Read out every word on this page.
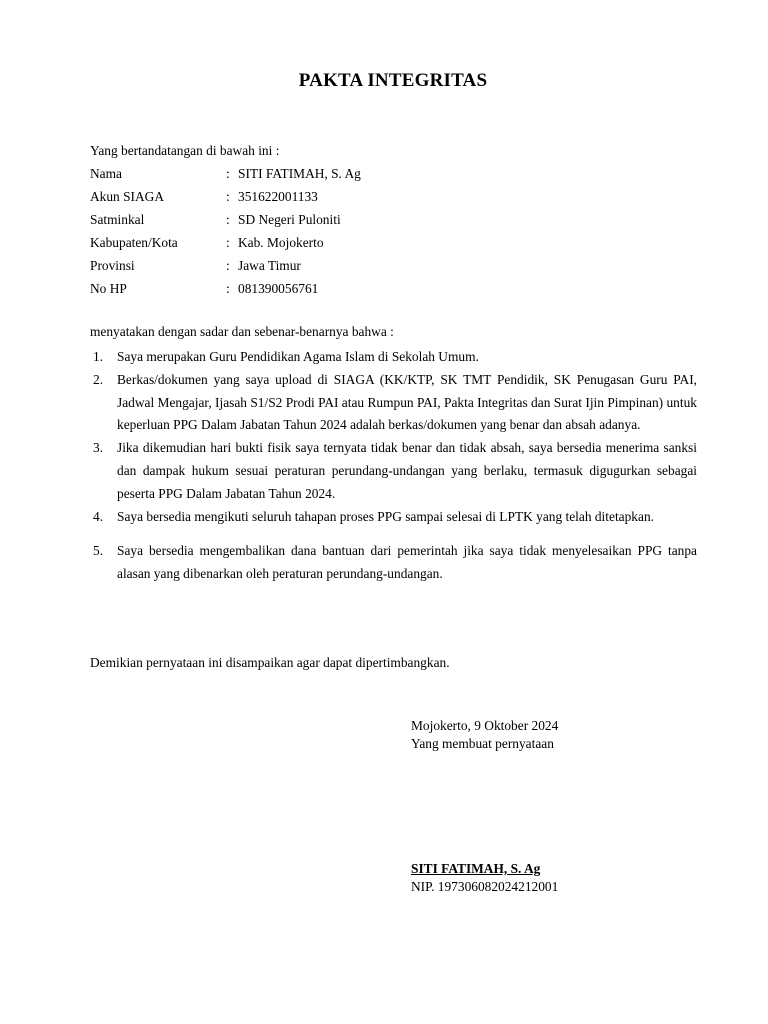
PAKTA INTEGRITAS
Yang bertandatangan di bawah ini :
Nama	: SITI FATIMAH, S. Ag
Akun SIAGA	: 351622001133
Satminkal	: SD Negeri Puloniti
Kabupaten/Kota	: Kab. Mojokerto
Provinsi	: Jawa Timur
No HP	: 081390056761
menyatakan dengan sadar dan sebenar-benarnya bahwa :
1.	Saya merupakan Guru Pendidikan Agama Islam di Sekolah Umum.
2.	Berkas/dokumen yang saya upload di SIAGA (KK/KTP, SK TMT Pendidik, SK Penugasan Guru PAI, Jadwal Mengajar, Ijasah S1/S2 Prodi PAI atau Rumpun PAI, Pakta Integritas dan Surat Ijin Pimpinan) untuk keperluan PPG Dalam Jabatan Tahun 2024 adalah berkas/dokumen yang benar dan absah adanya.
3.	Jika dikemudian hari bukti fisik saya ternyata tidak benar dan tidak absah, saya bersedia menerima sanksi dan dampak hukum sesuai peraturan perundang-undangan yang berlaku, termasuk digugurkan sebagai peserta PPG Dalam Jabatan Tahun 2024.
4.	Saya bersedia mengikuti seluruh tahapan proses PPG sampai selesai di LPTK yang telah ditetapkan.
5.	Saya bersedia mengembalikan dana bantuan dari pemerintah jika saya tidak menyelesaikan PPG tanpa alasan yang dibenarkan oleh peraturan perundang-undangan.
Demikian pernyataan ini disampaikan agar dapat dipertimbangkan.
Mojokerto, 9 Oktober 2024
Yang membuat pernyataan
SITI FATIMAH, S. Ag
NIP. 197306082024212001
